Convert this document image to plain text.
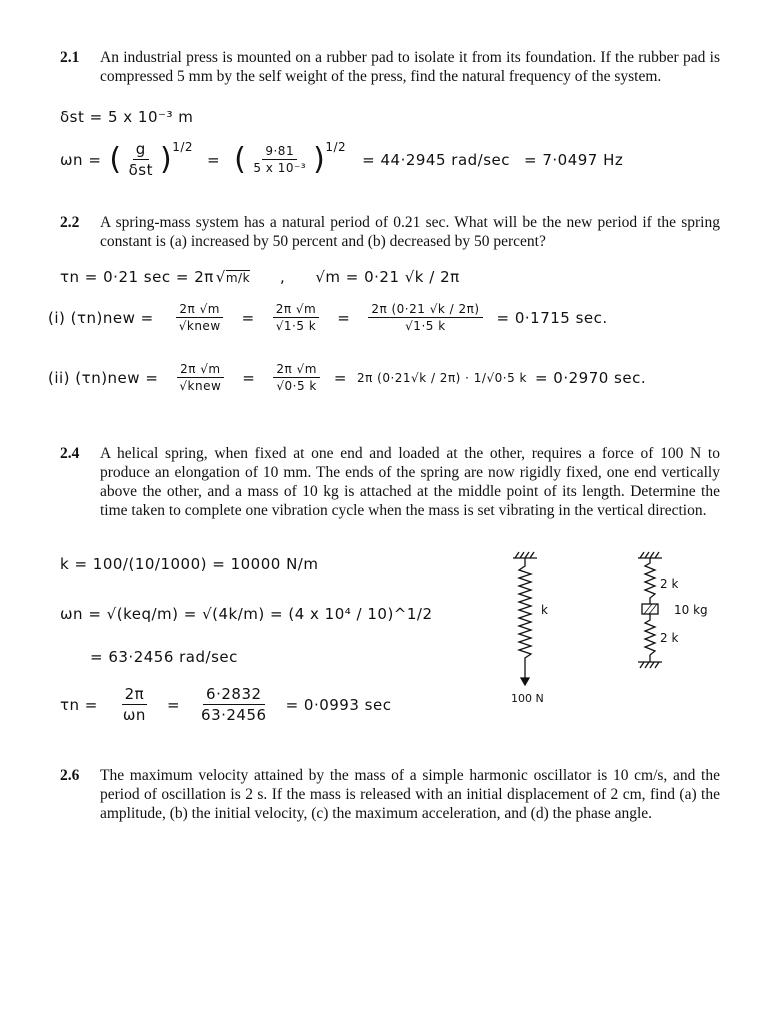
2.1 An industrial press is mounted on a rubber pad to isolate it from its foundation. If the rubber pad is compressed 5 mm by the self weight of the press, find the natural frequency of the system.
δst = 5 x 10⁻³ m
ωn = ( $\frac{g}{\text{δst}} )^{1/2}$
= ( $\frac{9\cdot 81}{\text{5 x 10⁻³}} )^{1/2}$
= 44·2945 rad/sec = 7·0497 Hz
2.2 A spring-mass system has a natural period of 0.21 sec. What will be the new period if the spring constant is (a) increased by 50 percent and (b) decreased by 50 percent?
τn = 0·21 sec = 2π √ m/k , √m = 0·21 √k / 2π
(i) $(\tau n)new = \frac{2\pi √m}{\text{√knew}} = \frac{2\pi √m}{√1\cdot 5 k} = \frac{2\pi (0\cdot 21 √k / 2\pi)}{√1\cdot 5 k} = 0\cdot 1715$ sec.
(ii) $(\tau n)new = \frac{2\pi √m}{\text{√knew}} = \frac{2\pi √m}{√0\cdot 5 k} = 2\pi$ (0·21√k / 2π) · 1/√0·5 k = 0·2970 sec.
2.4 A helical spring, when fixed at one end and loaded at the other, requires a force of 100 N to produce an elongation of 10 mm. The ends of the spring are now rigidly fixed, one end vertically above the other, and a mass of 10 kg is attached at the middle point of its length. Determine the time taken to complete one vibration cycle when the mass is set vibrating in the vertical direction.
k = 100/(10/1000) = 10000 N/m
ωn = √(keq/m) = √(4k/m) = (4 x 10⁴ / 10)^1/2
= 63·2456 rad/sec
$\tau n = \frac{2\pi}{\omega n} = \frac{6\cdot 2832}{63\cdot 2456} = 0\cdot 0993$ sec
k
100 N
2 k
10 kg
2 k
2.6 The maximum velocity attained by the mass of a simple harmonic oscillator is 10 cm/s, and the period of oscillation is 2 s. If the mass is released with an initial displacement of 2 cm, find (a) the amplitude, (b) the initial velocity, (c) the maximum acceleration, and (d) the phase angle.
